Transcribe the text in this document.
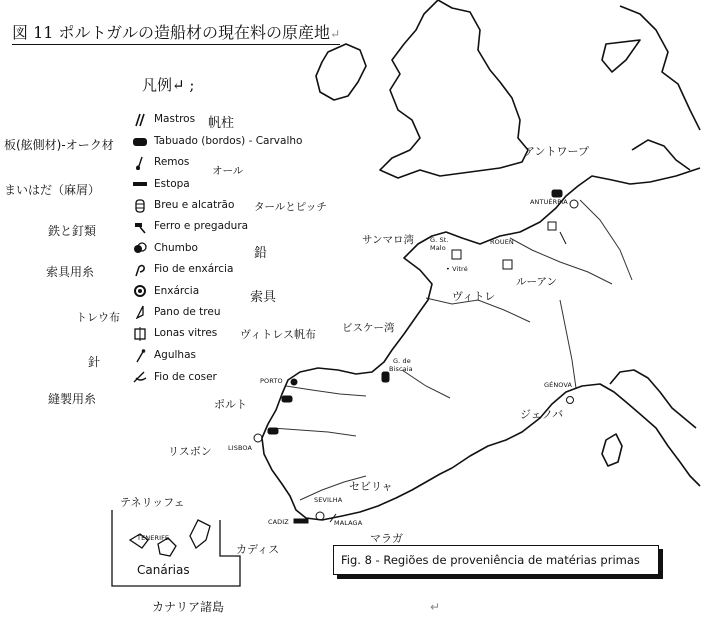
図 11 ポルトガルの造船材の現在料の原産地↵
凡例↵ ;
Mastros
Tabuado (bordos) - Carvalho
Remos
Estopa
Breu e alcatrão
Ferro e pregadura
Chumbo
Fio de enxárcia
Enxárcia
Pano de treu
Lonas vitres
Agulhas
Fio de coser
帆柱
板(舷側材)-オーク材
オール
まいはだ（麻屑）
タールとピッチ
鉄と釘類
鉛
索具用糸
索具
トレウ布
ヴィトレス帆布
針
縫製用糸
アントワープ
サンマロ湾
ルーアン
ヴィトレ
ビスケー湾
ポルト
ジェノバ
リスボン
セビリャ
マラガ
カディス
テネリッフェ
ANTUÉRPIA
G. St.
Malo
ROUEN
• Vitré
G. de
Biscaia
PORTO
LISBOA
GÉNOVA
SEVILHA
CADIZ	MALAGA
TENERIFE
Canárias
Fig. 8 - Regiões de proveniência de matérias primas
カナリア諸島	↵
